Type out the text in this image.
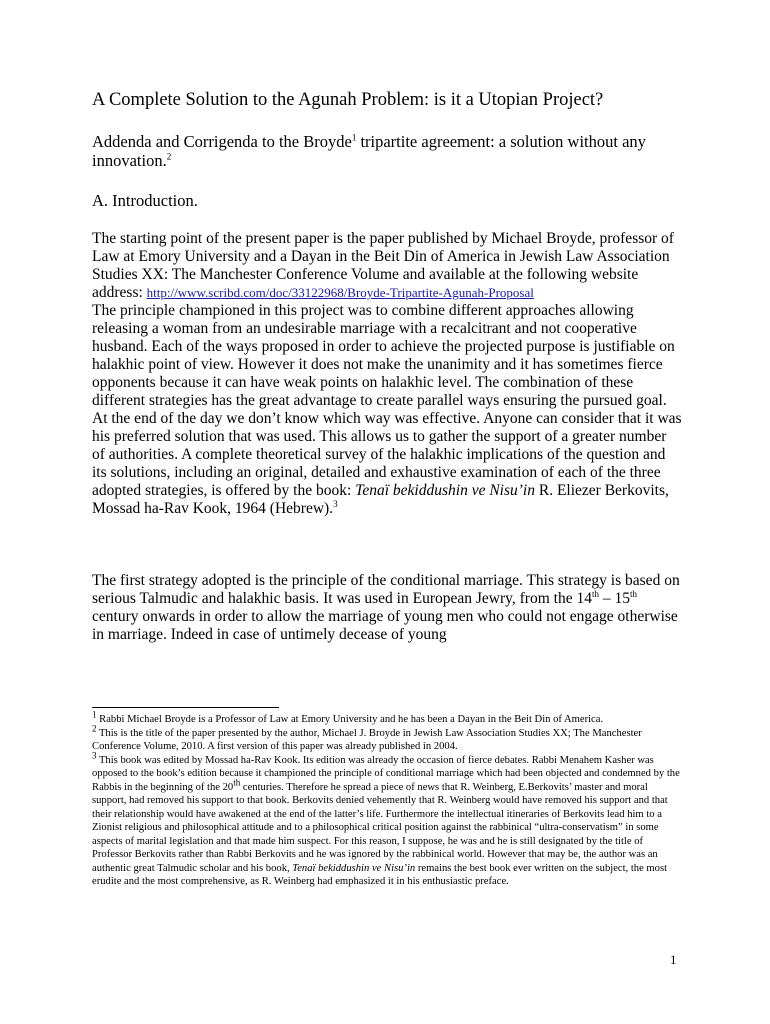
A Complete Solution to the Agunah Problem: is it a Utopian Project?
Addenda and Corrigenda to the Broyde$^1$ tripartite agreement: a solution without any innovation.$^2$
A. Introduction.
The starting point of the present paper is the paper published by Michael Broyde, professor of Law at Emory University and a Dayan in the Beit Din of America in Jewish Law Association Studies XX: The Manchester Conference Volume and available at the following website address: http://www.scribd.com/doc/33122968/Broyde-Tripartite-Agunah-Proposal
The principle championed in this project was to combine different approaches allowing releasing a woman from an undesirable marriage with a recalcitrant and not cooperative husband. Each of the ways proposed in order to achieve the projected purpose is justifiable on halakhic point of view. However it does not make the unanimity and it has sometimes fierce opponents because it can have weak points on halakhic level. The combination of these different strategies has the great advantage to create parallel ways ensuring the pursued goal. At the end of the day we don’t know which way was effective. Anyone can consider that it was his preferred solution that was used. This allows us to gather the support of a greater number of authorities. A complete theoretical survey of the halakhic implications of the question and its solutions, including an original, detailed and exhaustive examination of each of the three adopted strategies, is offered by the book: Tenaï bekiddushin ve Nisu’in R. Eliezer Berkovits, Mossad ha-Rav Kook, 1964 (Hebrew).$^3$
The first strategy adopted is the principle of the conditional marriage. This strategy is based on serious Talmudic and halakhic basis. It was used in European Jewry, from the 14th – 15th century onwards in order to allow the marriage of young men who could not engage otherwise in marriage. Indeed in case of untimely decease of young

$^1$ Rabbi Michael Broyde is a Professor of Law at Emory University and he has been a Dayan in the Beit Din of America.

$^2$ This is the title of the paper presented by the author, Michael J. Broyde in Jewish Law Association Studies XX; The Manchester Conference Volume, 2010. A first version of this paper was already published in 2004.

$^3$ This book was edited by Mossad ha-Rav Kook. Its edition was already the occasion of fierce debates. Rabbi Menahem Kasher was opposed to the book’s edition because it championed the principle of conditional marriage which had been objected and condemned by the Rabbis in the beginning of the 20th centuries. Therefore he spread a piece of news that R. Weinberg, E.Berkovits’ master and moral support, had removed his support to that book. Berkovits denied vehemently that R. Weinberg would have removed his support and that their relationship would have awakened at the end of the latter’s life. Furthermore the intellectual itineraries of Berkovits lead him to a Zionist religious and philosophical attitude and to a philosophical critical position against the rabbinical “ultra-conservatism” in some aspects of marital legislation and that made him suspect. For this reason, I suppose, he was and he is still designated by the title of Professor Berkovits rather than Rabbi Berkovits and he was ignored by the rabbinical world. However that may be, the author was an authentic great Talmudic scholar and his book, Tenaï bekiddushin ve Nisu’in remains the best book ever written on the subject, the most erudite and the most comprehensive, as R. Weinberg had emphasized it in his enthusiastic preface.

1
